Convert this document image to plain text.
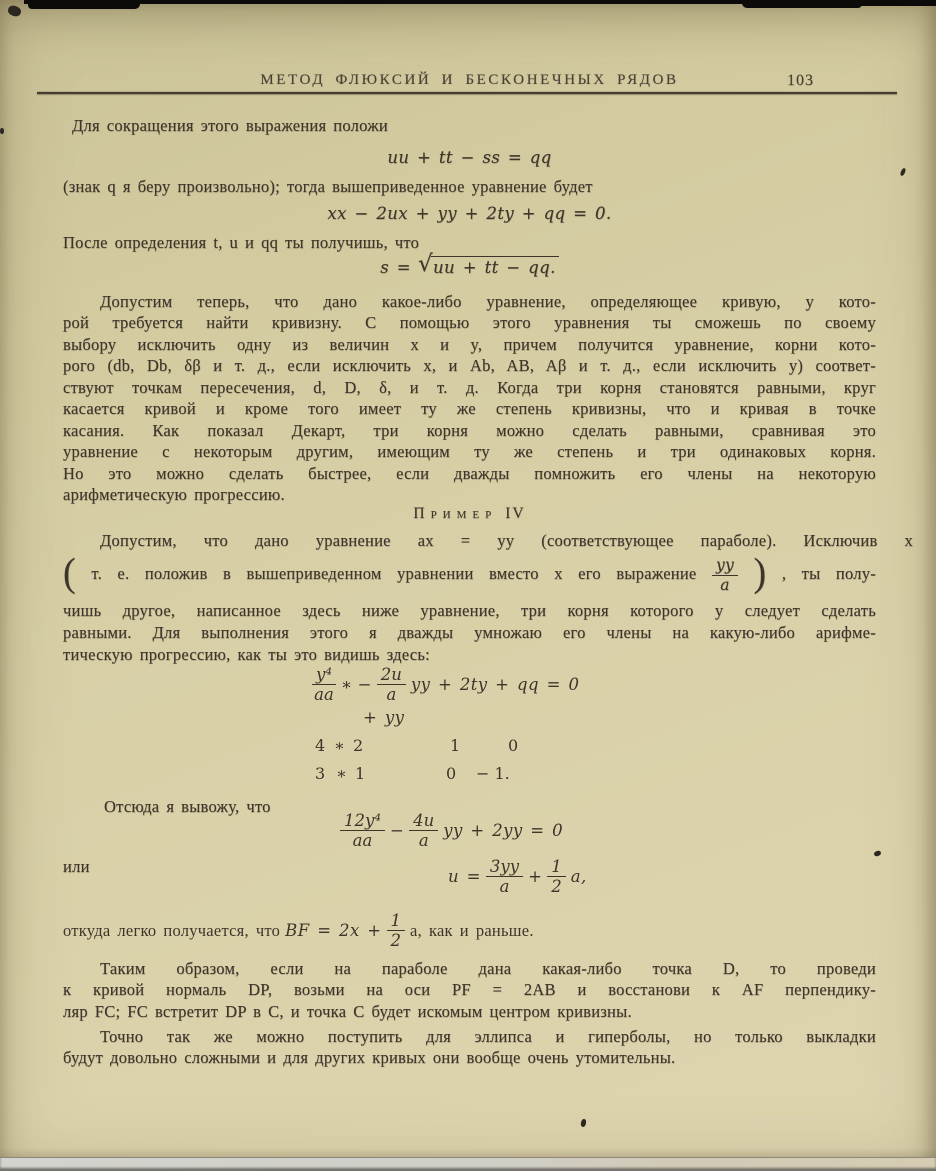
МЕТОД ФЛЮКСИЙ И БЕСКОНЕЧНЫХ РЯДОВ	103
Для сокращения этого выражения положи
uu + tt − ss = qq
(знак q я беру произвольно); тогда вышеприведенное уравнение будет
xx − 2ux + yy + 2ty + qq = 0.
После определения t, u и qq ты получишь, что
s = √uu + tt − qq.
Допустим теперь, что дано какое-либо уравнение, определяющее кривую, у кото-
рой требуется найти кривизну. С помощью этого уравнения ты сможешь по своему
выбору исключить одну из величин x и y, причем получится уравнение, корни кото-
рого (db, Db, δβ и т. д., если исключить x, и Ab, AB, Aβ и т. д., если исключить y) соответ-
ствуют точкам пересечения, d, D, δ, и т. д. Когда три корня становятся равными, круг
касается кривой и кроме того имеет ту же степень кривизны, что и кривая в точке
касания. Как показал Декарт, три корня можно сделать равными, сравнивая это
уравнение с некоторым другим, имеющим ту же степень и три одинаковых корня.
Но это можно сделать быстрее, если дважды помножить его члены на некоторую
арифметическую прогрессию.
Пример IV
Допустим, что дано уравнение ax = yy (соответствующее параболе). Исключив x
( т. е. положив в вышеприведенном уравнении вместо x его выражение $\frac{yy}{a}$ ) , ты полу-
чишь другое, написанное здесь ниже уравнение, три корня которого y следует сделать
равными. Для выполнения этого я дважды умножаю его члены на какую-либо арифме-
тическую прогрессию, как ты это видишь здесь:
y⁴
aa
∗ − $\frac{2u}{a}$ yy + 2ty + qq = 0
+ yy
4 ∗ 2	1	0
3 ∗ 1	0 − 1.
Отсюда я вывожу, что
12y⁴
aa
− $\frac{4u}{a}$ yy + 2yy = 0
или
$u = \frac{3yy}{a} + \frac{1}{2} a$,
откуда легко получается, что BF = $2x + \frac{1}{2} a$, как и раньше.
Таким образом, если на параболе дана какая-либо точка D, то проведи
к кривой нормаль DP, возьми на оси PF = 2AB и восстанови к AF перпендику-
ляр FC; FC встретит DP в C, и точка C будет искомым центром кривизны.
Точно так же можно поступить для эллипса и гиперболы, но только выкладки
будут довольно сложными и для других кривых они вообще очень утомительны.
